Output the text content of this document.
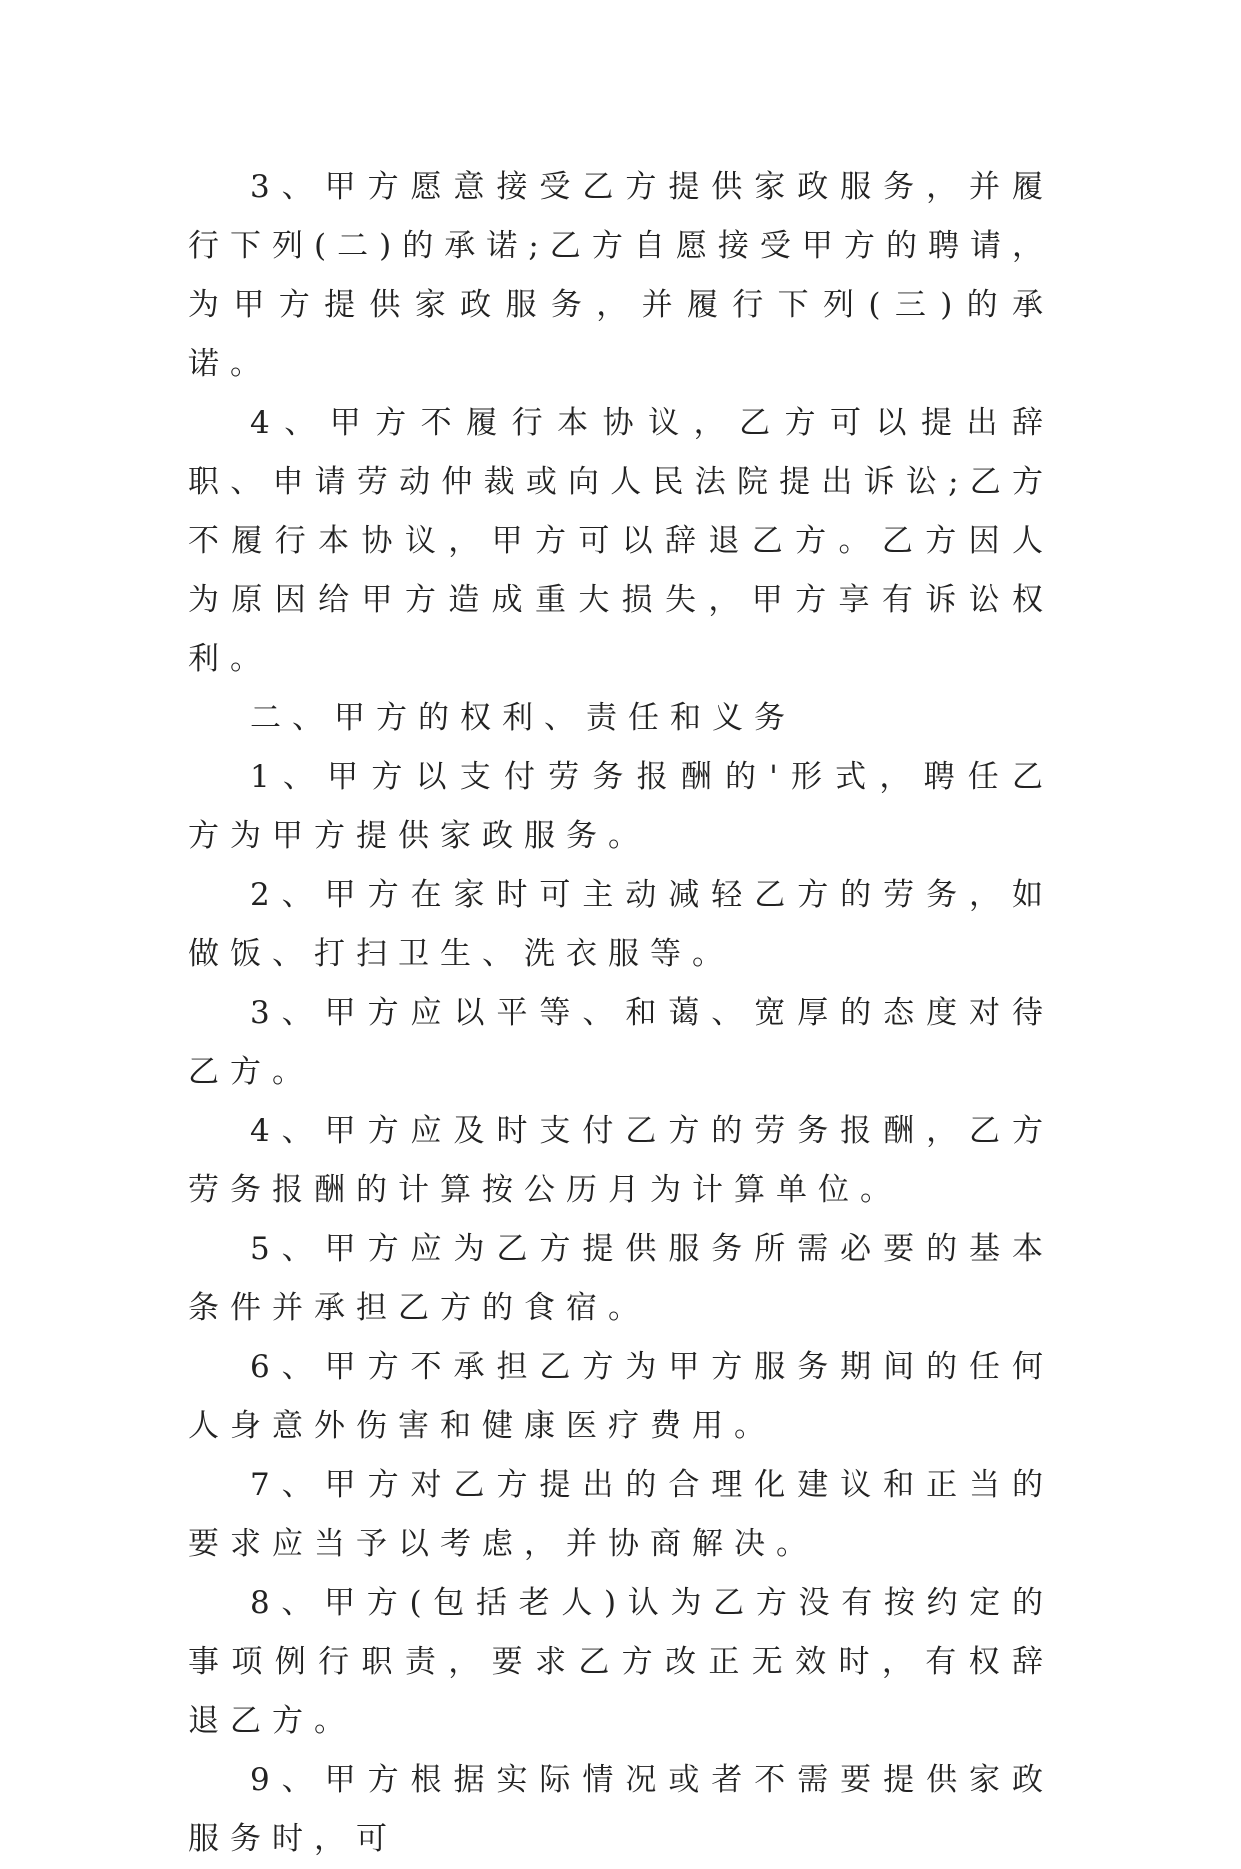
3、甲方愿意接受乙方提供家政服务，并履行下列(二)的承诺;乙方自愿接受甲方的聘请，为甲方提供家政服务，并履行下列(三)的承诺。

4、甲方不履行本协议，乙方可以提出辞职、申请劳动仲裁或向人民法院提出诉讼;乙方不履行本协议，甲方可以辞退乙方。乙方因人为原因给甲方造成重大损失，甲方享有诉讼权利。

二、甲方的权利、责任和义务

1、甲方以支付劳务报酬的'形式，聘任乙方为甲方提供家政服务。

2、甲方在家时可主动减轻乙方的劳务，如做饭、打扫卫生、洗衣服等。

3、甲方应以平等、和蔼、宽厚的态度对待乙方。

4、甲方应及时支付乙方的劳务报酬，乙方劳务报酬的计算按公历月为计算单位。

5、甲方应为乙方提供服务所需必要的基本条件并承担乙方的食宿。

6、甲方不承担乙方为甲方服务期间的任何人身意外伤害和健康医疗费用。

7、甲方对乙方提出的合理化建议和正当的要求应当予以考虑，并协商解决。

8、甲方(包括老人)认为乙方没有按约定的事项例行职责，要求乙方改正无效时，有权辞退乙方。

9、甲方根据实际情况或者不需要提供家政服务时，可
